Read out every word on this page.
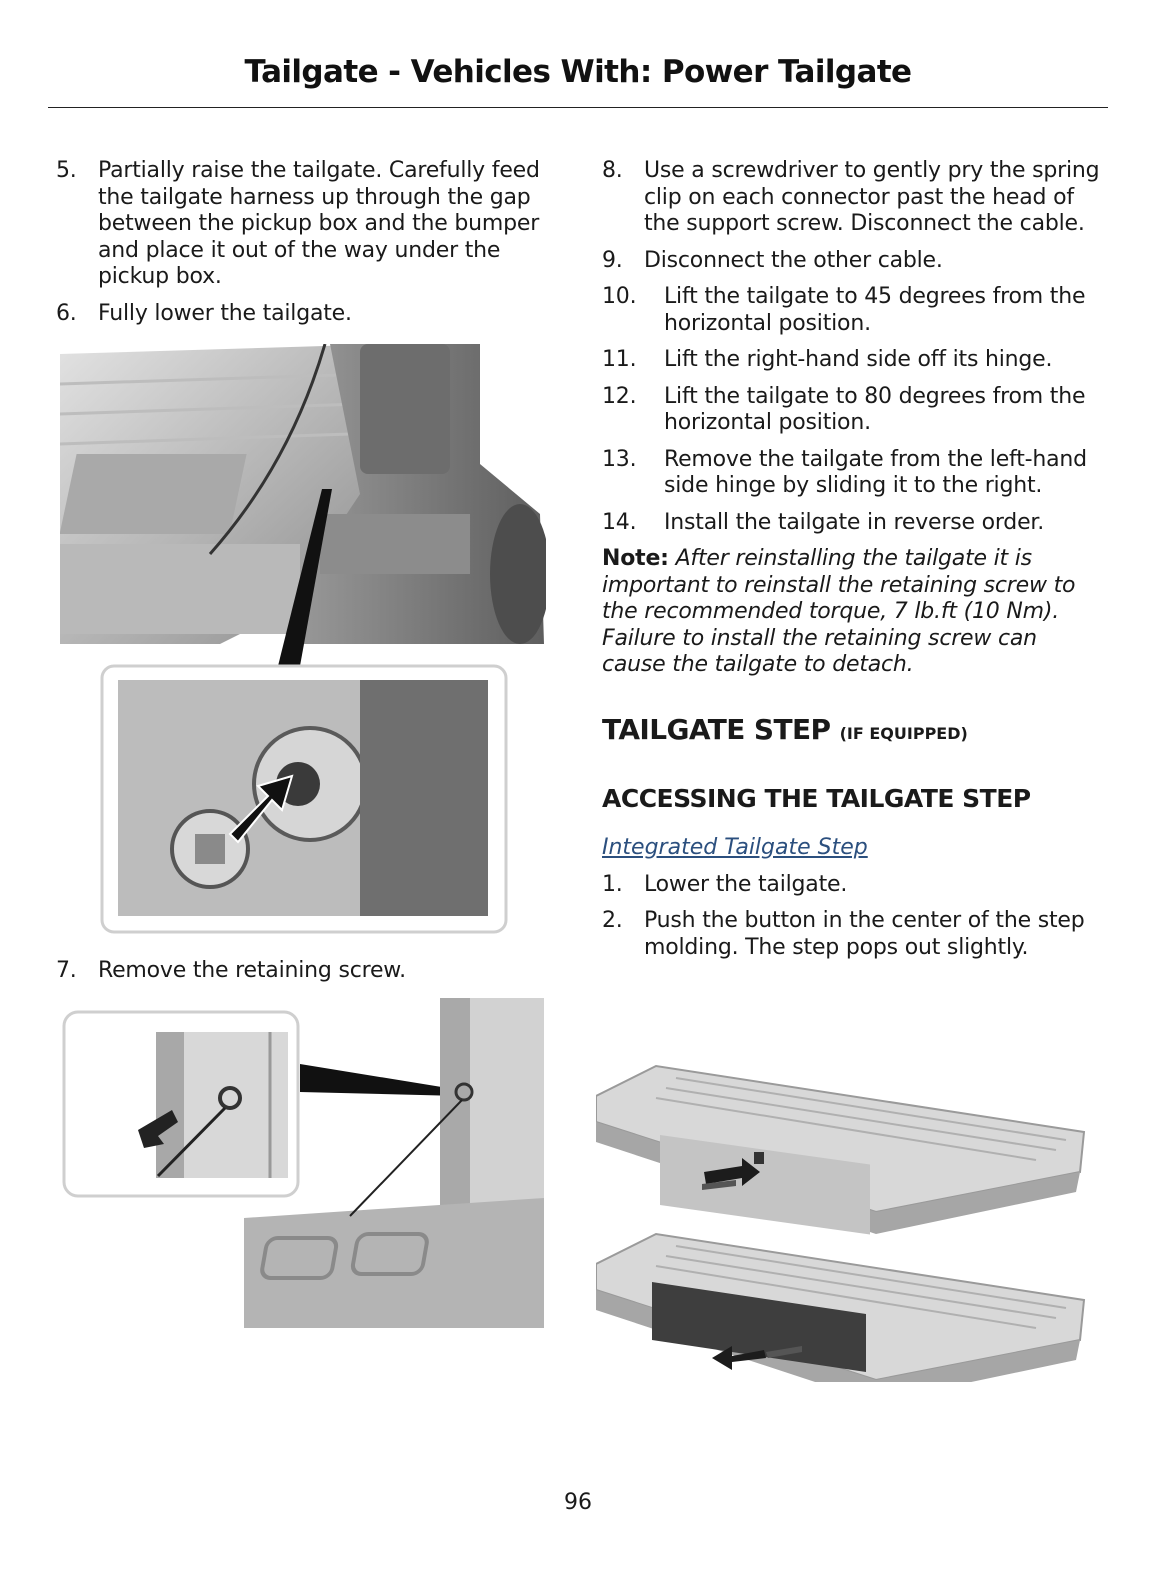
Tailgate - Vehicles With: Power Tailgate
5. Partially raise the tailgate. Carefully feed the tailgate harness up through the gap between the pickup box and the bumper and place it out of the way under the pickup box.
6. Fully lower the tailgate.
7. Remove the retaining screw.
8. Use a screwdriver to gently pry the spring clip on each connector past the head of the support screw. Disconnect the cable.
9. Disconnect the other cable.
10.	Lift the tailgate to 45 degrees from the horizontal position.
11.	Lift the right-hand side off its hinge.
12.	Lift the tailgate to 80 degrees from the horizontal position.
13.	Remove the tailgate from the left-hand side hinge by sliding it to the right.
14.	Install the tailgate in reverse order.
Note: After reinstalling the tailgate it is important to reinstall the retaining screw to the recommended torque, 7 lb.ft (10 Nm). Failure to install the retaining screw can cause the tailgate to detach.
TAILGATE STEP (IF EQUIPPED)
ACCESSING THE TAILGATE STEP
Integrated Tailgate Step
1. Lower the tailgate.
2. Push the button in the center of the step molding. The step pops out slightly.
96
